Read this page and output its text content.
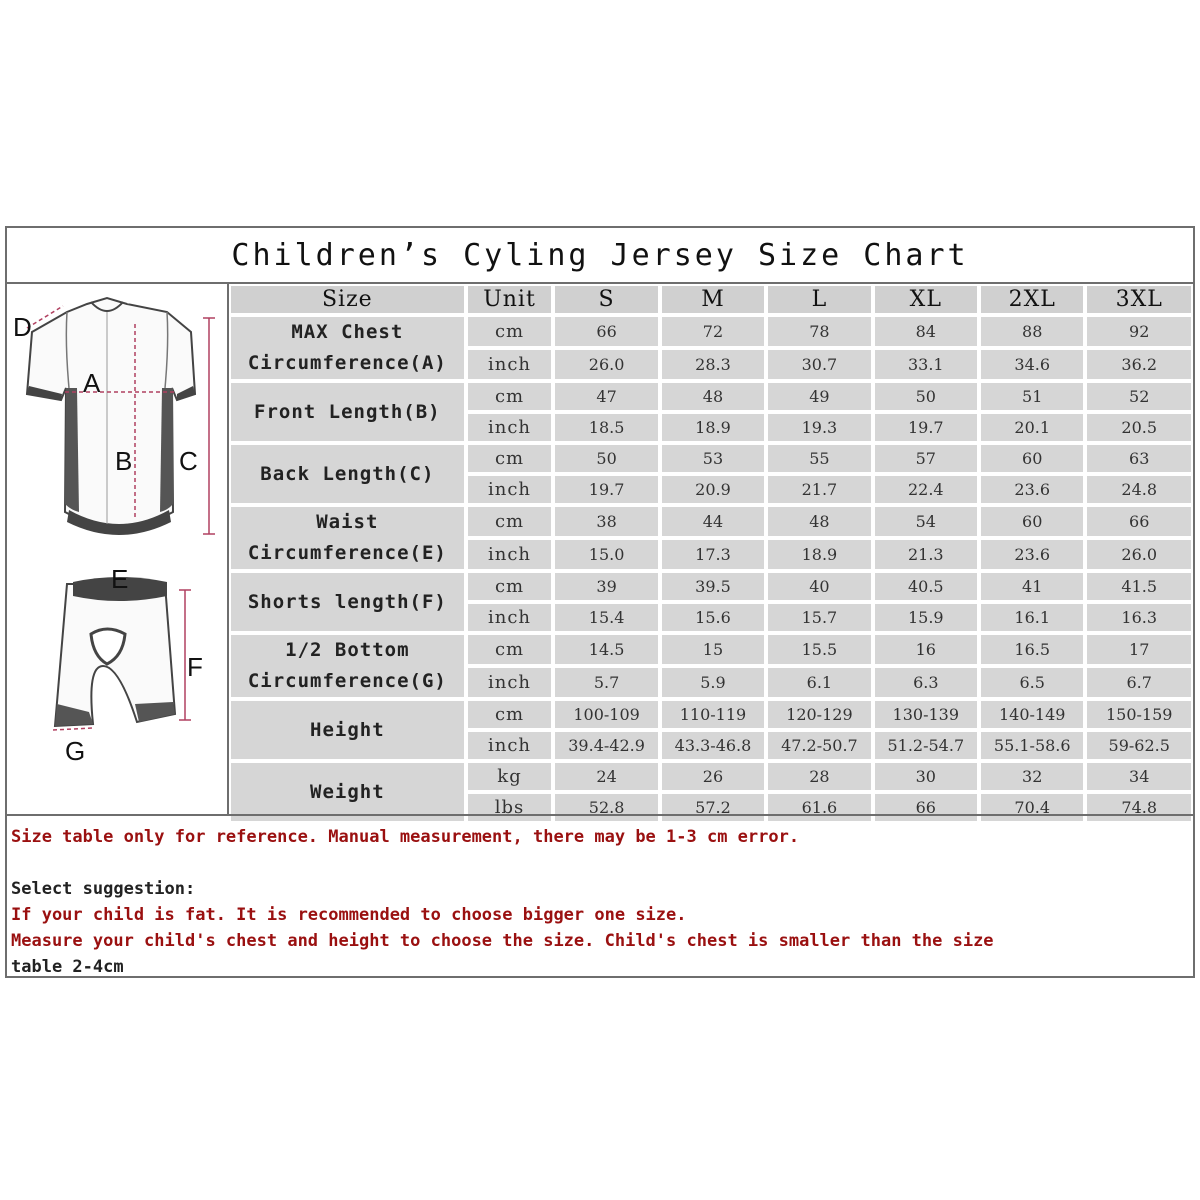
Children’s Cyling Jersey Size Chart
D
A
B C
E
F
G
Size	Unit	S	M	L	XL	2XL	3XL

MAX Chest
Circumference(A)	cm	66	72	78	84	88	92
	inch	26.0	28.3	30.7	33.1	34.6	36.2

Front Length(B)	cm	47	48	49	50	51	52
	inch	18.5	18.9	19.3	19.7	20.1	20.5

Back Length(C)	cm	50	53	55	57	60	63
	inch	19.7	20.9	21.7	22.4	23.6	24.8

Waist
Circumference(E)	cm	38	44	48	54	60	66
	inch	15.0	17.3	18.9	21.3	23.6	26.0

Shorts length(F)	cm	39	39.5	40	40.5	41	41.5
	inch	15.4	15.6	15.7	15.9	16.1	16.3

1/2 Bottom
Circumference(G)	cm	14.5	15	15.5	16	16.5	17
	inch	5.7	5.9	6.1	6.3	6.5	6.7

Height	cm	100-109	110-119	120-129	130-139	140-149	150-159
	inch	39.4-42.9	43.3-46.8	47.2-50.7	51.2-54.7	55.1-58.6	59-62.5

Weight	kg	24	26	28	30	32	34
	lbs	52.8	57.2	61.6	66	70.4	74.8
Size table only for reference. Manual measurement, there may be 1-3 cm error.
Select suggestion:
If your child is fat. It is recommended to choose bigger one size.
Measure your child's chest and height to choose the size. Child's chest is smaller than the size
table 2-4cm
